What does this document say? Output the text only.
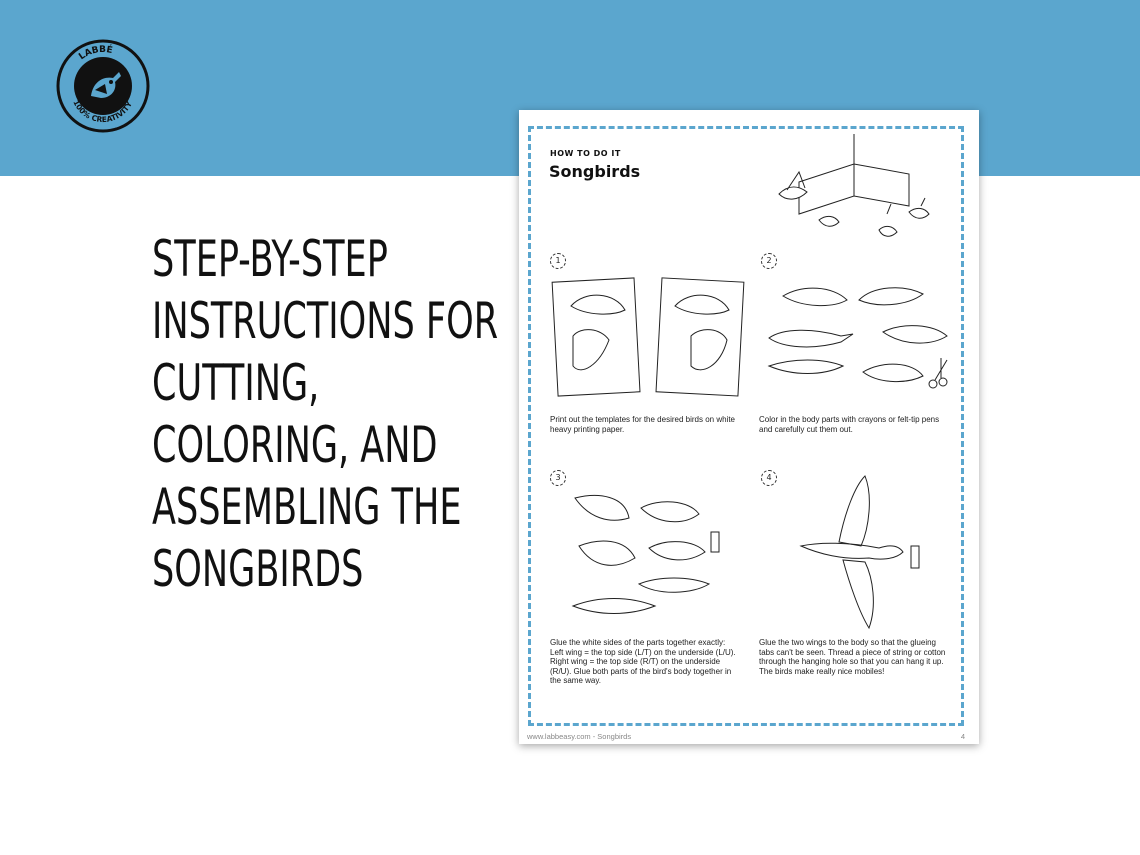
LABBÉ
100% CREATIVITY
STEP-BY-STEP
INSTRUCTIONS FOR
CUTTING,
COLORING, AND
ASSEMBLING THE
SONGBIRDS
HOW TO DO IT
Songbirds
1
Print out the templates for the desired birds on white heavy printing paper.
2
Color in the body parts with crayons or felt-tip pens and carefully cut them out.
3
Glue the white sides of the parts together exactly: Left wing = the top side (L/T) on the underside (L/U). Right wing = the top side (R/T) on the underside (R/U). Glue both parts of the bird's body together in the same way.
4
Glue the two wings to the body so that the glueing tabs can't be seen. Thread a piece of string or cotton through the hanging hole so that you can hang it up. The birds make really nice mobiles!
www.labbeasy.com - Songbirds	4
